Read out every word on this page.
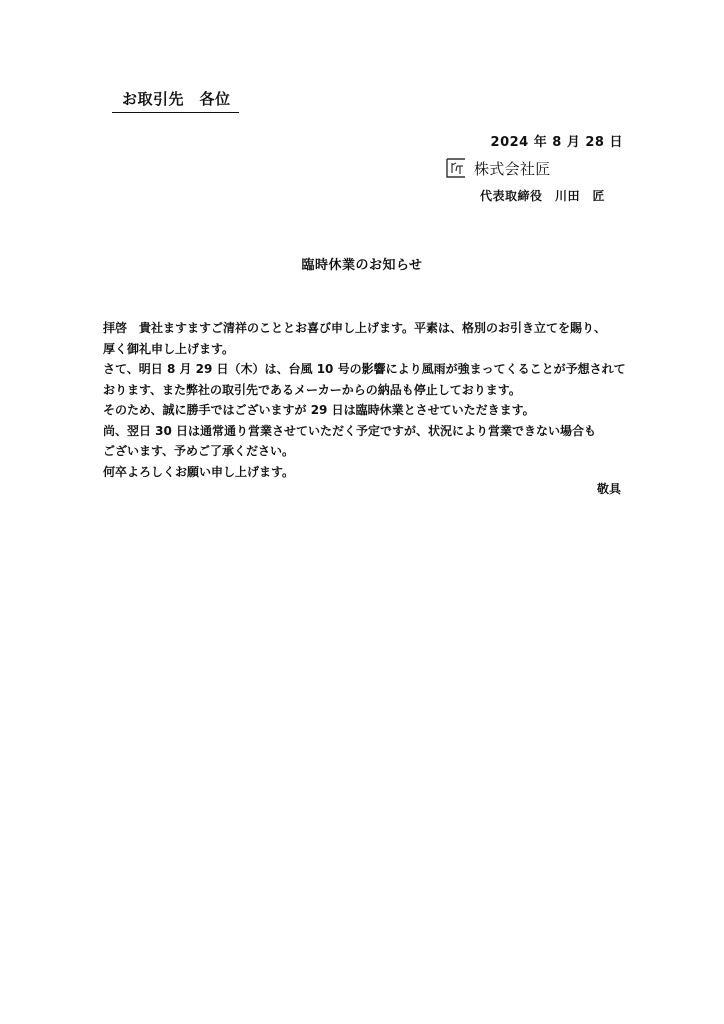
お取引先　各位
2024 年 8 月 28 日
株式会社匠
代表取締役　川田　匠
臨時休業のお知らせ

拝啓　貴社ますますご清祥のこととお喜び申し上げます。平素は、格別のお引き立てを賜り、

厚く御礼申し上げます。

さて、明日 8 月 29 日（木）は、台風 10 号の影響により風雨が強まってくることが予想されて

おります、また弊社の取引先であるメーカーからの納品も停止しております。

そのため、誠に勝手ではございますが 29 日は臨時休業とさせていただきます。

尚、翌日 30 日は通常通り営業させていただく予定ですが、状況により営業できない場合も

ございます、予めご了承ください。

何卒よろしくお願い申し上げます。

敬具
